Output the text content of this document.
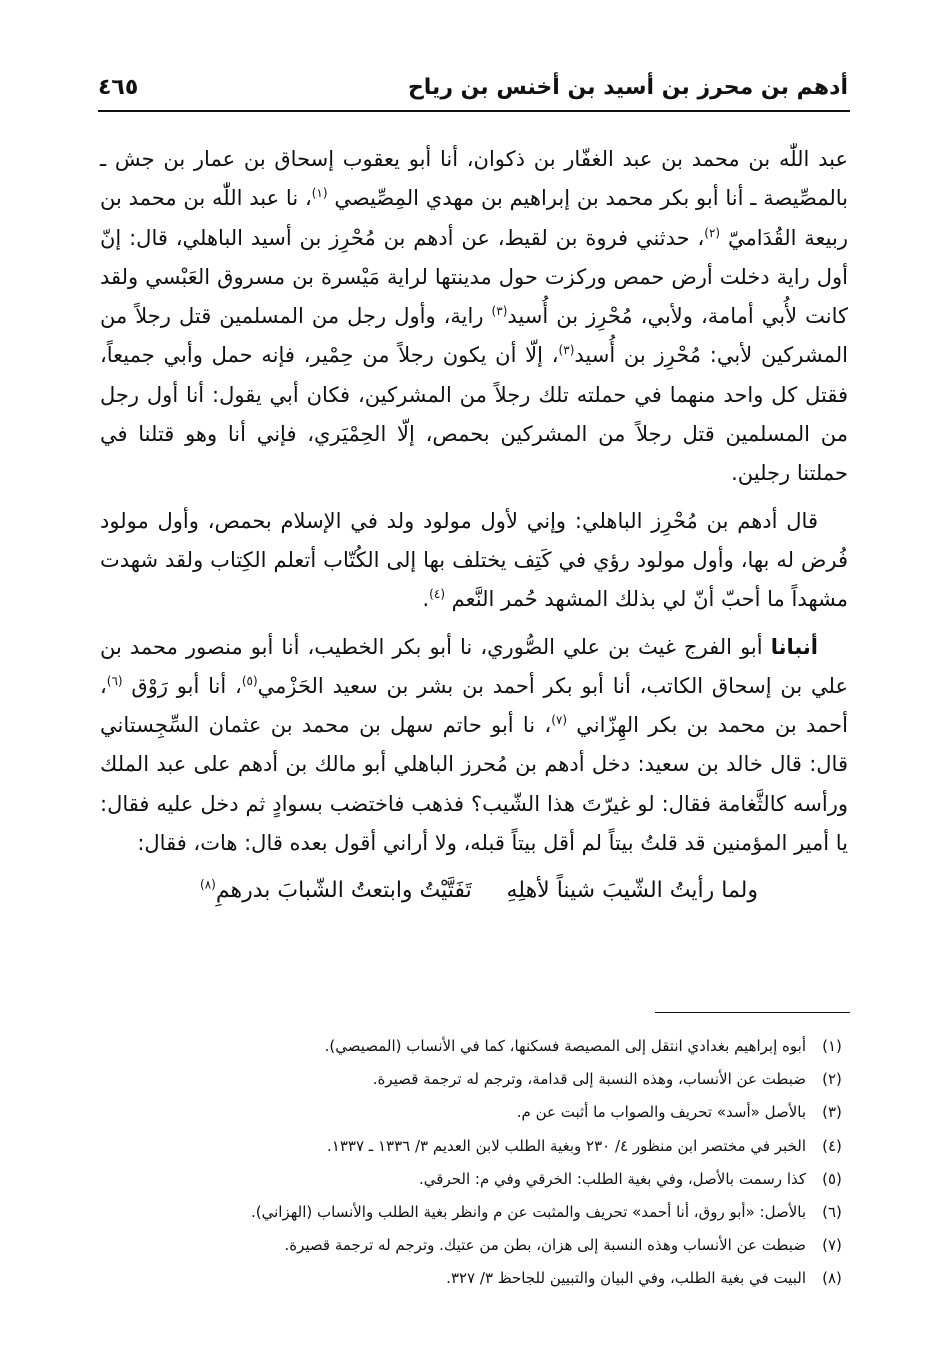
أدهم بن محرز بن أسيد بن أخنس بن رياح
٤٦٥

عبد اللّٰه بن محمد بن عبد الغفّار بن ذكوان، أنا أبو يعقوب إسحاق بن عمار بن جش ـ بالمصِّيصة ـ أنا أبو بكر محمد بن إبراهيم بن مهدي المِصِّيصي $^{(١)}$، نا عبد اللّٰه بن محمد بن ربيعة القُدَاميّ $^{(٢)}$، حدثني فروة بن لقيط، عن أدهم بن مُحْرِز بن أسيد الباهلي، قال: إنّ أول راية دخلت أرض حمص وركزت حول مدينتها لراية مَيْسرة بن مسروق العَبْسي ولقد كانت لأُبي أمامة، ولأبي، مُحْرِز بن أُسيد$^{(٣)}$ راية، وأول رجل من المسلمين قتل رجلاً من المشركين لأبي: مُحْرِز بن أُسيد$^{(٣)}$، إلّا أن يكون رجلاً من حِمْير، فإنه حمل وأبي جميعاً، فقتل كل واحد منهما في حملته تلك رجلاً من المشركين، فكان أبي يقول: أنا أول رجل من المسلمين قتل رجلاً من المشركين بحمص، إلّا الحِمْيَري، فإني أنا وهو قتلنا في حملتنا رجلين.

قال أدهم بن مُحْرِز الباهلي: وإني لأول مولود ولد في الإسلام بحمص، وأول مولود فُرض له بها، وأول مولود رؤي في كَتِف يختلف بها إلى الكُتّاب أتعلم الكِتاب ولقد شهدت مشهداً ما أحبّ أنّ لي بذلك المشهد حُمر النَّعم $^{(٤)}$.

أنبانا أبو الفرج غيث بن علي الصُّوري، نا أبو بكر الخطيب، أنا أبو منصور محمد بن علي بن إسحاق الكاتب، أنا أبو بكر أحمد بن بشر بن سعيد الحَزْمي$^{(٥)}$، أنا أبو رَوْق $^{(٦)}$، أحمد بن محمد بن بكر الهِزّاني $^{(٧)}$، نا أبو حاتم سهل بن محمد بن عثمان السِّجِستاني قال: قال خالد بن سعيد: دخل أدهم بن مُحرز الباهلي أبو مالك بن أدهم على عبد الملك ورأسه كالثَّغامة فقال: لو غيرّتَ هذا الشّيب؟ فذهب فاختضب بسوادٍ ثم دخل عليه فقال: يا أمير المؤمنين قد قلتُ بيتاً لم أقل بيتاً قبله، ولا أراني أقول بعده قال: هات، فقال:

ولما رأيتُ الشّيبَ شيناً لأهلِهِ
تَفَتَّيْتُ وابتعتُ الشّبابَ بدرهمِ$^{(٨)}$
(١)
أبوه إبراهيم بغدادي انتقل إلى المصيصة فسكنها، كما في الأنساب (المصيصي).
(٢)
ضبطت عن الأنساب، وهذه النسبة إلى قدامة، وترجم له ترجمة قصيرة.
(٣)
بالأصل «أسد» تحريف والصواب ما أثبت عن م.
(٤)
الخبر في مختصر ابن منظور ٤/ ٢٣٠ وبغية الطلب لابن العديم ٣/ ١٣٣٦ ـ ١٣٣٧.
(٥)
كذا رسمت بالأصل، وفي بغية الطلب: الخرقي وفي م: الحرقي.
(٦)
بالأصل: «أبو روق، أنا أحمد» تحريف والمثبت عن م وانظر بغية الطلب والأنساب (الهزاني).
(٧)
ضبطت عن الأنساب وهذه النسبة إلى هزان، بطن من عتيك. وترجم له ترجمة قصيرة.
(٨)
البيت في بغية الطلب، وفي البيان والتبيين للجاحظ ٣/ ٣٢٧.
